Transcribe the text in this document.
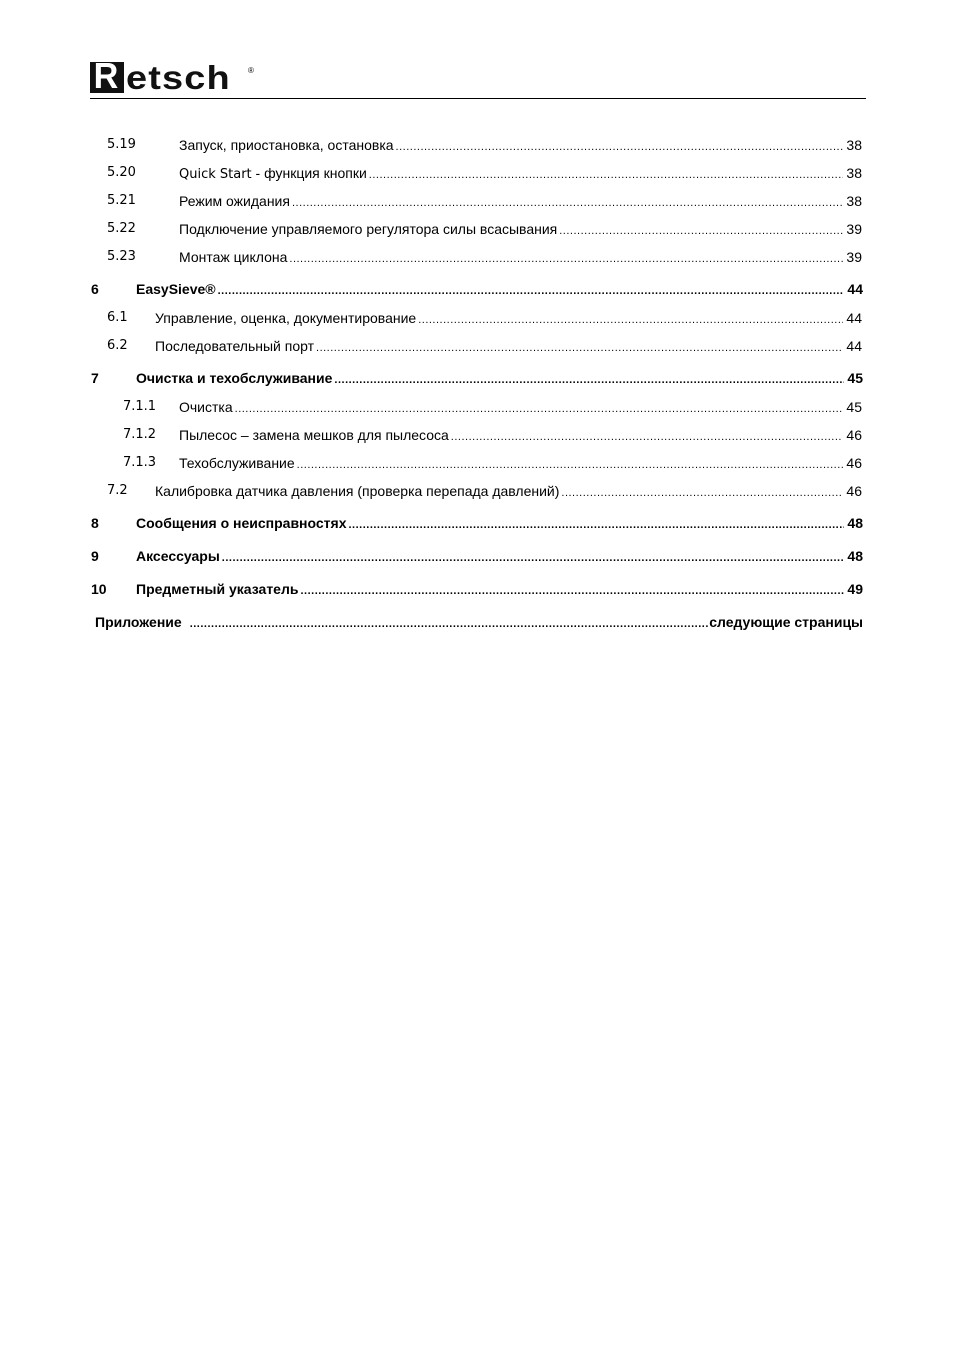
R etsch ®
5.19	Запуск, приостановка, остановка .....	38
5.20	Quick Start - функция кнопки .....	38
5.21	Режим ожидания .....	38
5.22	Подключение управляемого регулятора силы всасывания .....	39
5.23	Монтаж циклона .....	39
6	EasySieve® .....	44
6.1 Управление, оценка, документирование .....	44
6.2 Последовательный порт .....	44
7	Очистка и техобслуживание .....	45
7.1.1 Очистка .....	45
7.1.2 Пылесос – замена мешков для пылесоса .....	46
7.1.3 Техобслуживание .....	46
7.2 Калибровка датчика давления (проверка перепада давлений) .....	46
8	Сообщения о неисправностях .....	48
9	Аксессуары .....	48
10 Предметный указатель .....	49
Приложение .....	следующие страницы
